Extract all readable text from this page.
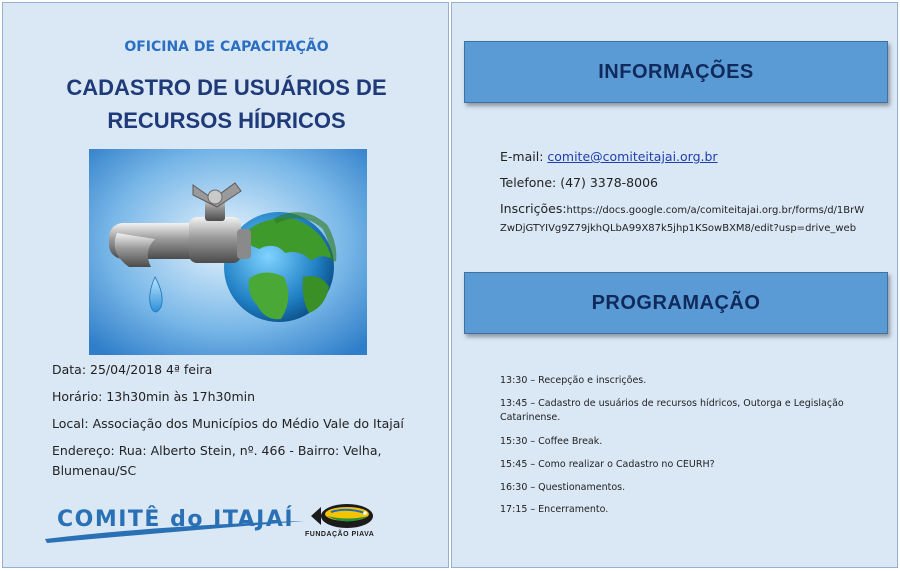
OFICINA DE CAPACITAÇÃO
CADASTRO DE USUÁRIOS DE
RECURSOS HÍDRICOS
Data: 25/04/2018 4ª feira
Horário: 13h30min às 17h30min
Local: Associação dos Municípios do Médio Vale do Itajaí
Endereço: Rua: Alberto Stein, nº. 466 - Bairro: Velha,
Blumenau/SC
COMITÊ do ITAJAÍ
FUNDAÇÃO PIAVA
INFORMAÇÕES
E-mail: comite@comiteitajai.org.br
Telefone: (47) 3378-8006
Inscrições:https://docs.google.com/a/comiteitajai.org.br/forms/d/1BrW
ZwDjGTYIVg9Z79jkhQLbA99X87k5jhp1KSowBXM8/edit?usp=drive_web
PROGRAMAÇÃO
13:30 – Recepção e inscrições.
13:45 – Cadastro de usuários de recursos hídricos, Outorga e Legislação Catarinense.
15:30 – Coffee Break.
15:45 – Como realizar o Cadastro no CEURH?
16:30 – Questionamentos.
17:15 – Encerramento.
